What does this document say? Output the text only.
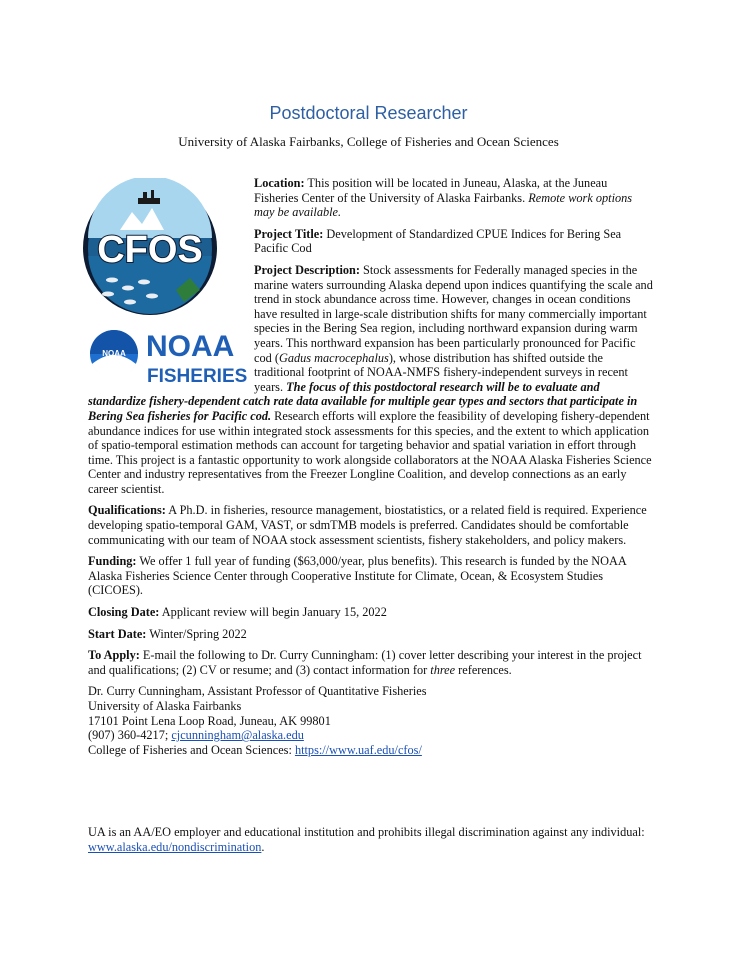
Postdoctoral Researcher
University of Alaska Fairbanks, College of Fisheries and Ocean Sciences
CFOS
NOAA NOAA
FISHERIES

Location: This position will be located in Juneau, Alaska, at the Juneau Fisheries Center of the University of Alaska Fairbanks. Remote work options may be available.

Project Title: Development of Standardized CPUE Indices for Bering Sea Pacific Cod

Project Description: Stock assessments for Federally managed species in the marine waters surrounding Alaska depend upon indices quantifying the scale and trend in stock abundance across time. However, changes in ocean conditions have resulted in large-scale distribution shifts for many commercially important species in the Bering Sea region, including northward expansion during warm years. This northward expansion has been particularly pronounced for Pacific cod (Gadus macrocephalus), whose distribution has shifted outside the traditional footprint of NOAA-NMFS fishery-independent surveys in recent years. The focus of this postdoctoral research will be to evaluate and standardize fishery-dependent catch rate data available for multiple gear types and sectors that participate in Bering Sea fisheries for Pacific cod. Research efforts will explore the feasibility of developing fishery-dependent abundance indices for use within integrated stock assessments for this species, and the extent to which application of spatio-temporal estimation methods can account for targeting behavior and spatial variation in effort through time. This project is a fantastic opportunity to work alongside collaborators at the NOAA Alaska Fisheries Science Center and industry representatives from the Freezer Longline Coalition, and develop connections as an early career scientist.

Qualifications: A Ph.D. in fisheries, resource management, biostatistics, or a related field is required. Experience developing spatio-temporal GAM, VAST, or sdmTMB models is preferred. Candidates should be comfortable communicating with our team of NOAA stock assessment scientists, fishery stakeholders, and policy makers.

Funding: We offer 1 full year of funding ($63,000/year, plus benefits). This research is funded by the NOAA Alaska Fisheries Science Center through Cooperative Institute for Climate, Ocean, & Ecosystem Studies (CICOES).

Closing Date: Applicant review will begin January 15, 2022

Start Date: Winter/Spring 2022

To Apply: E-mail the following to Dr. Curry Cunningham: (1) cover letter describing your interest in the project and qualifications; (2) CV or resume; and (3) contact information for three references.

Dr. Curry Cunningham, Assistant Professor of Quantitative Fisheries

University of Alaska Fairbanks

17101 Point Lena Loop Road, Juneau, AK 99801

(907) 360-4217; cjcunningham@alaska.edu

College of Fisheries and Ocean Sciences: https://www.uaf.edu/cfos/

UA is an AA/EO employer and educational institution and prohibits illegal discrimination against any individual: www.alaska.edu/nondiscrimination.
